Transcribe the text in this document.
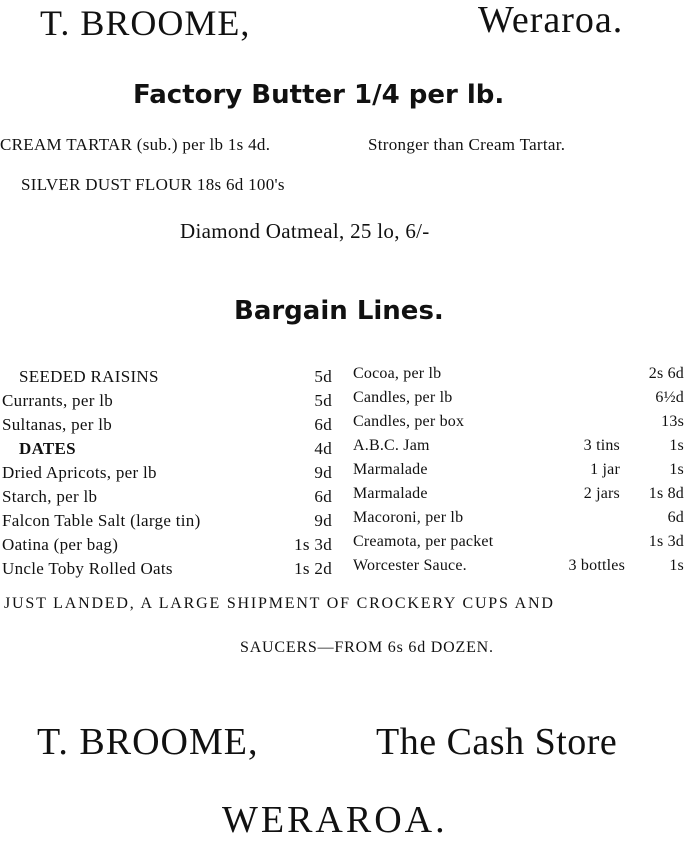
T. BROOME,	Weraroa.
Factory Butter 1/4 per lb.
CREAM TARTAR (sub.) per lb 1s 4d.	Stronger than Cream Tartar.
SILVER DUST FLOUR 18s 6d 100's
Diamond Oatmeal, 25 lo, 6/-
Bargain Lines.
SEEDED RAISINS	5d
Currants, per lb	5d
Sultanas, per lb	6d
DATES	4d
Dried Apricots, per lb	9d
Starch, per lb	6d
Falcon Table Salt (large tin)	9d
Oatina (per bag)	1s 3d
Uncle Toby Rolled Oats	1s 2d
Cocoa, per lb	2s 6d
Candles, per lb	6½d
Candles, per box	13s
A.B.C. Jam	3 tins	1s
Marmalade	1 jar	1s
Marmalade	2 jars	1s 8d
Macoroni, per lb	6d
Creamota, per packet	1s 3d
Worcester Sauce.	3 bottles	1s
JUST LANDED, A LARGE SHIPMENT OF CROCKERY CUPS AND
SAUCERS—FROM 6s 6d DOZEN.
T. BROOME,	The Cash Store
WERAROA.
